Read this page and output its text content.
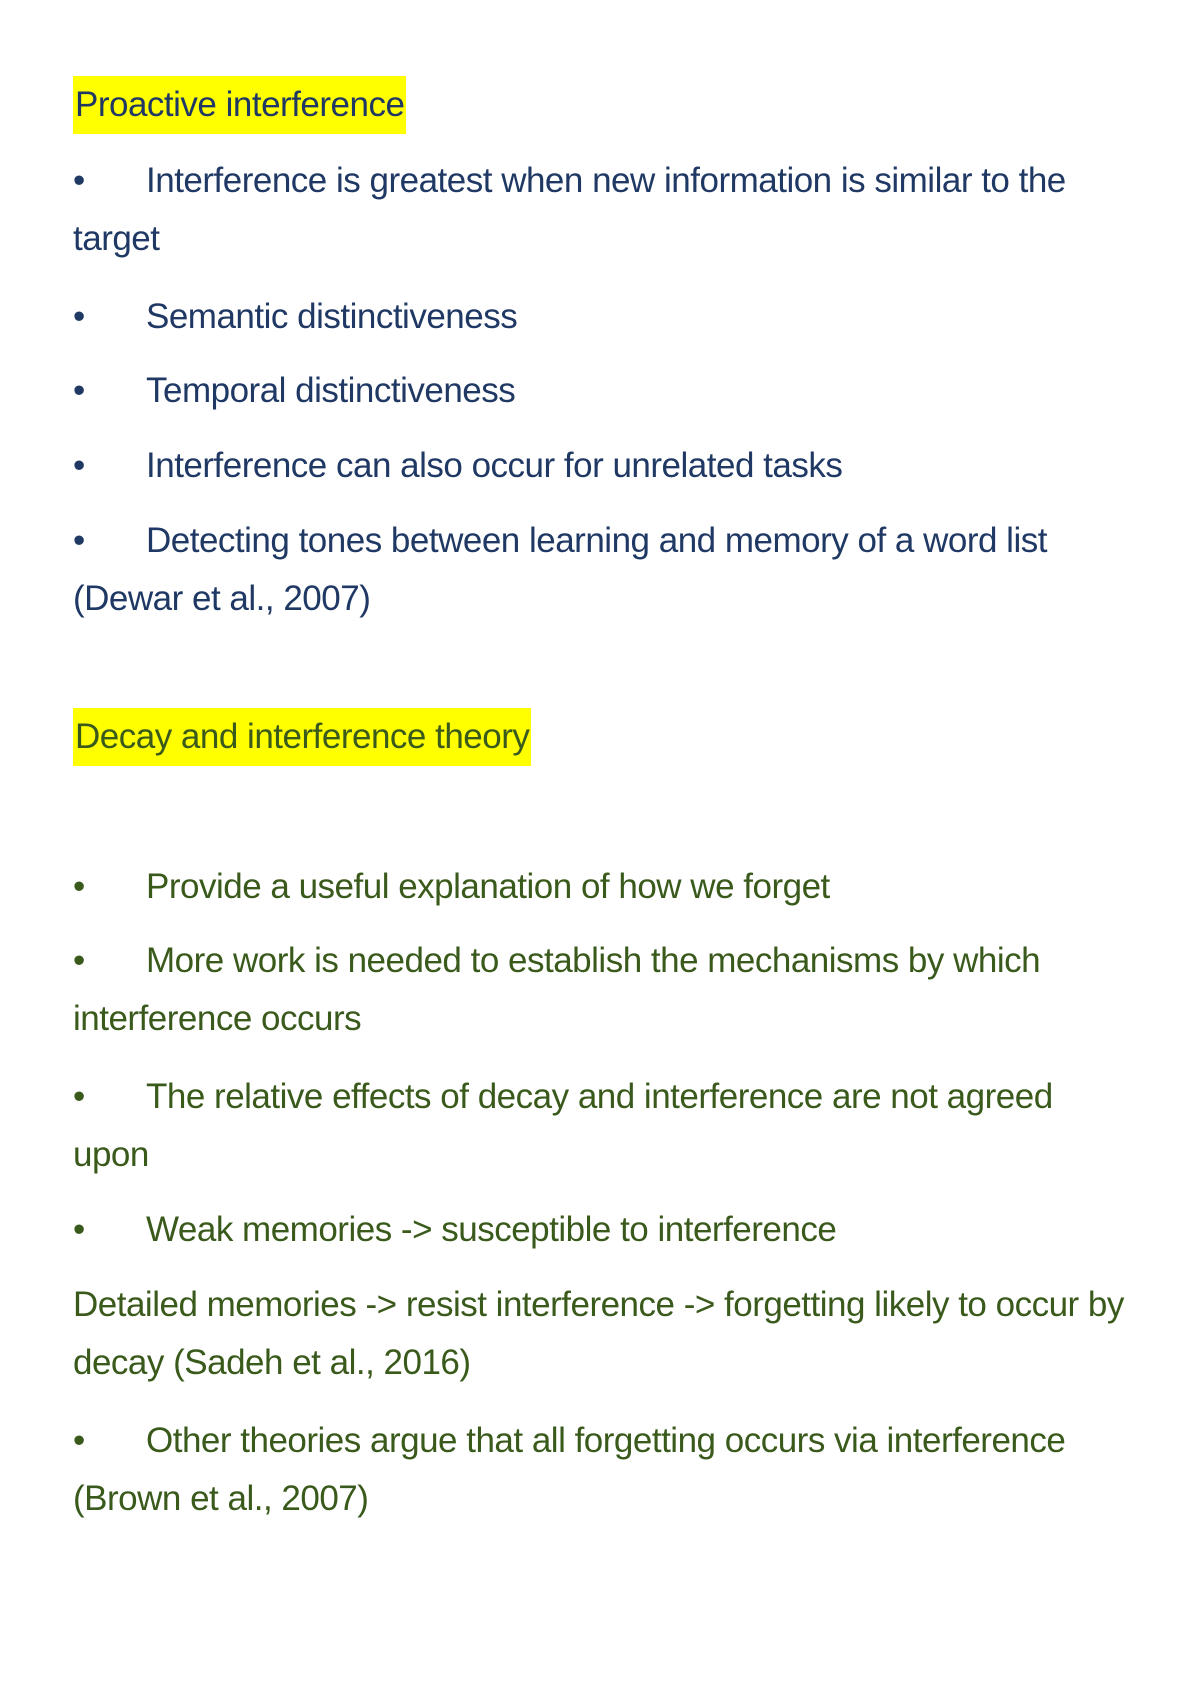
Proactive interference
• Interference is greatest when new information is similar to the target
• Semantic distinctiveness
• Temporal distinctiveness
• Interference can also occur for unrelated tasks
• Detecting tones between learning and memory of a word list (Dewar et al., 2007)
Decay and interference theory
• Provide a useful explanation of how we forget
• More work is needed to establish the mechanisms by which interference occurs
• The relative effects of decay and interference are not agreed upon
• Weak memories -> susceptible to interference
Detailed memories -> resist interference -> forgetting likely to occur by decay (Sadeh et al., 2016)
• Other theories argue that all forgetting occurs via interference (Brown et al., 2007)
